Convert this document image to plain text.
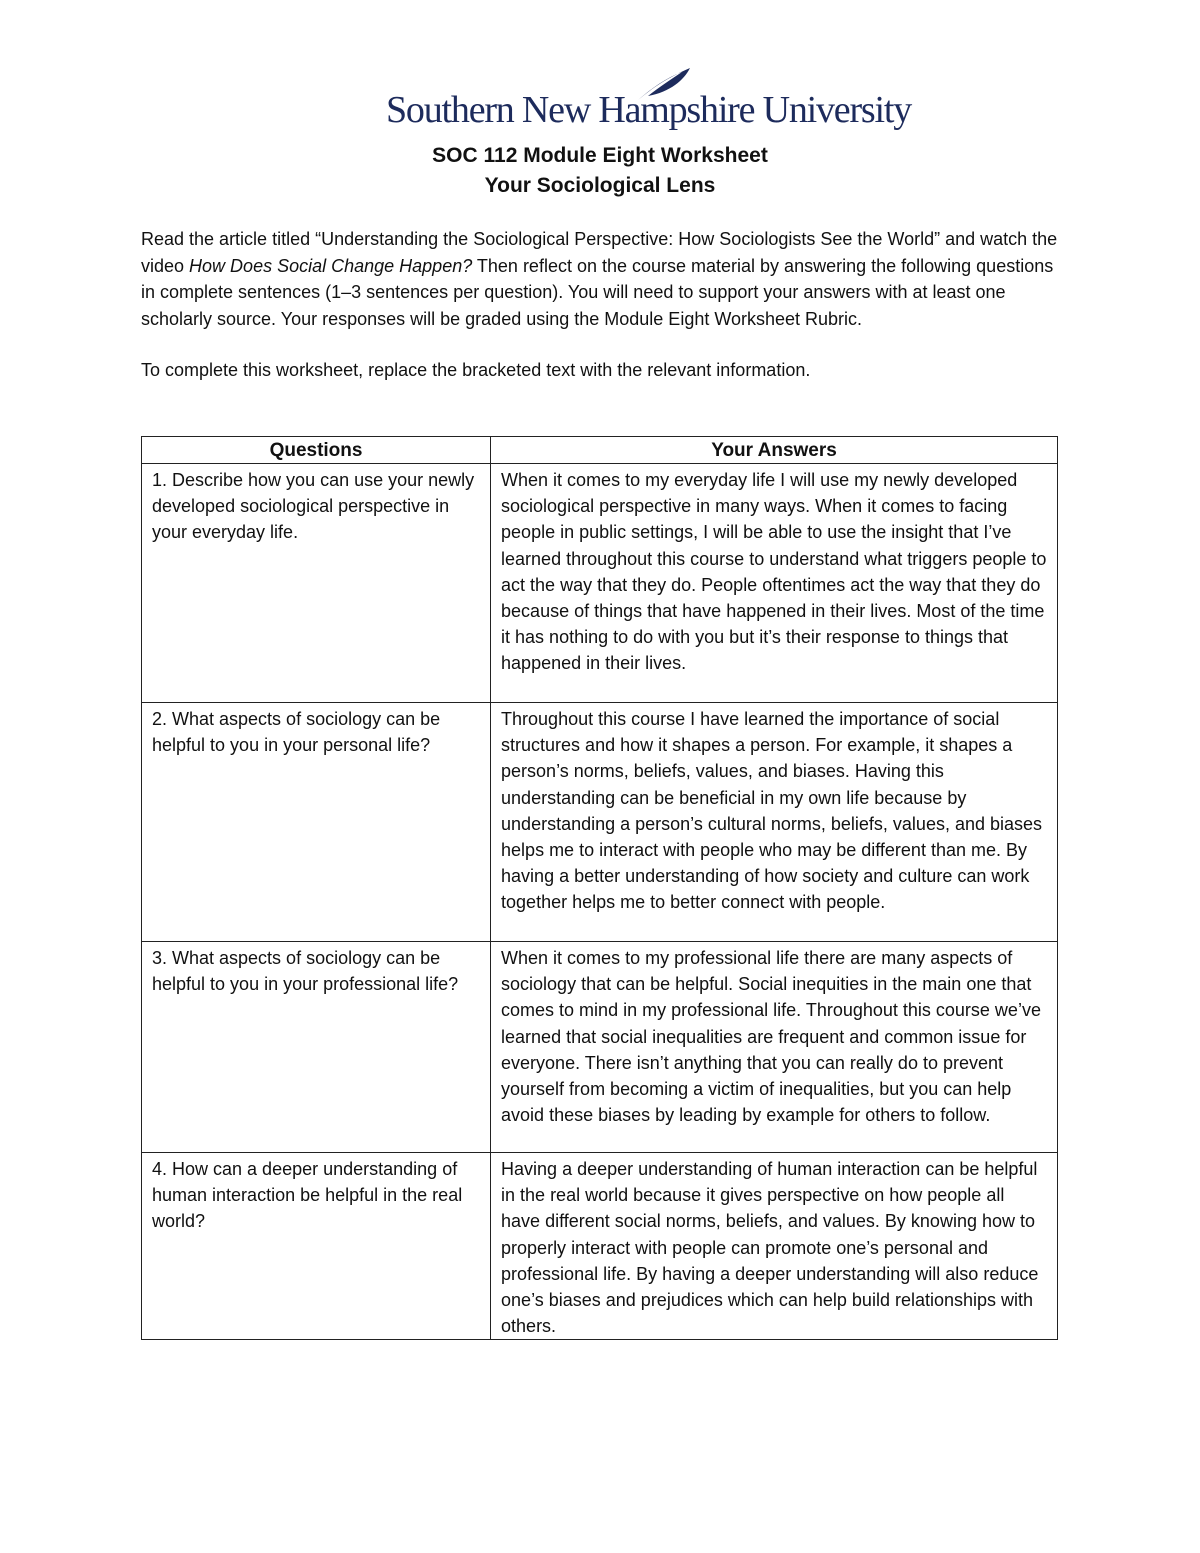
Southern New Hampshire University
SOC 112 Module Eight Worksheet
Your Sociological Lens

Read the article titled “Understanding the Sociological Perspective: How Sociologists See the World” and watch the video How Does Social Change Happen? Then reflect on the course material by answering the following questions in complete sentences (1–3 sentences per question). You will need to support your answers with at least one scholarly source. Your responses will be graded using the Module Eight Worksheet Rubric.

To complete this worksheet, replace the bracketed text with the relevant information.

Questions	Your Answers
1. Describe how you can use your newly developed sociological perspective in your everyday life.	When it comes to my everyday life I will use my newly developed sociological perspective in many ways. When it comes to facing people in public settings, I will be able to use the insight that I’ve learned throughout this course to understand what triggers people to act the way that they do. People oftentimes act the way that they do because of things that have happened in their lives. Most of the time it has nothing to do with you but it’s their response to things that happened in their lives.
2. What aspects of sociology can be helpful to you in your personal life?	Throughout this course I have learned the importance of social structures and how it shapes a person. For example, it shapes a person’s norms, beliefs, values, and biases. Having this understanding can be beneficial in my own life because by understanding a person’s cultural norms, beliefs, values, and biases helps me to interact with people who may be different than me. By having a better understanding of how society and culture can work together helps me to better connect with people.
3. What aspects of sociology can be helpful to you in your professional life?	When it comes to my professional life there are many aspects of sociology that can be helpful. Social inequities in the main one that comes to mind in my professional life. Throughout this course we’ve learned that social inequalities are frequent and common issue for everyone. There isn’t anything that you can really do to prevent yourself from becoming a victim of inequalities, but you can help avoid these biases by leading by example for others to follow.
4. How can a deeper understanding of human interaction be helpful in the real world?	Having a deeper understanding of human interaction can be helpful in the real world because it gives perspective on how people all have different social norms, beliefs, and values. By knowing how to properly interact with people can promote one’s personal and professional life. By having a deeper understanding will also reduce one’s biases and prejudices which can help build relationships with others.
